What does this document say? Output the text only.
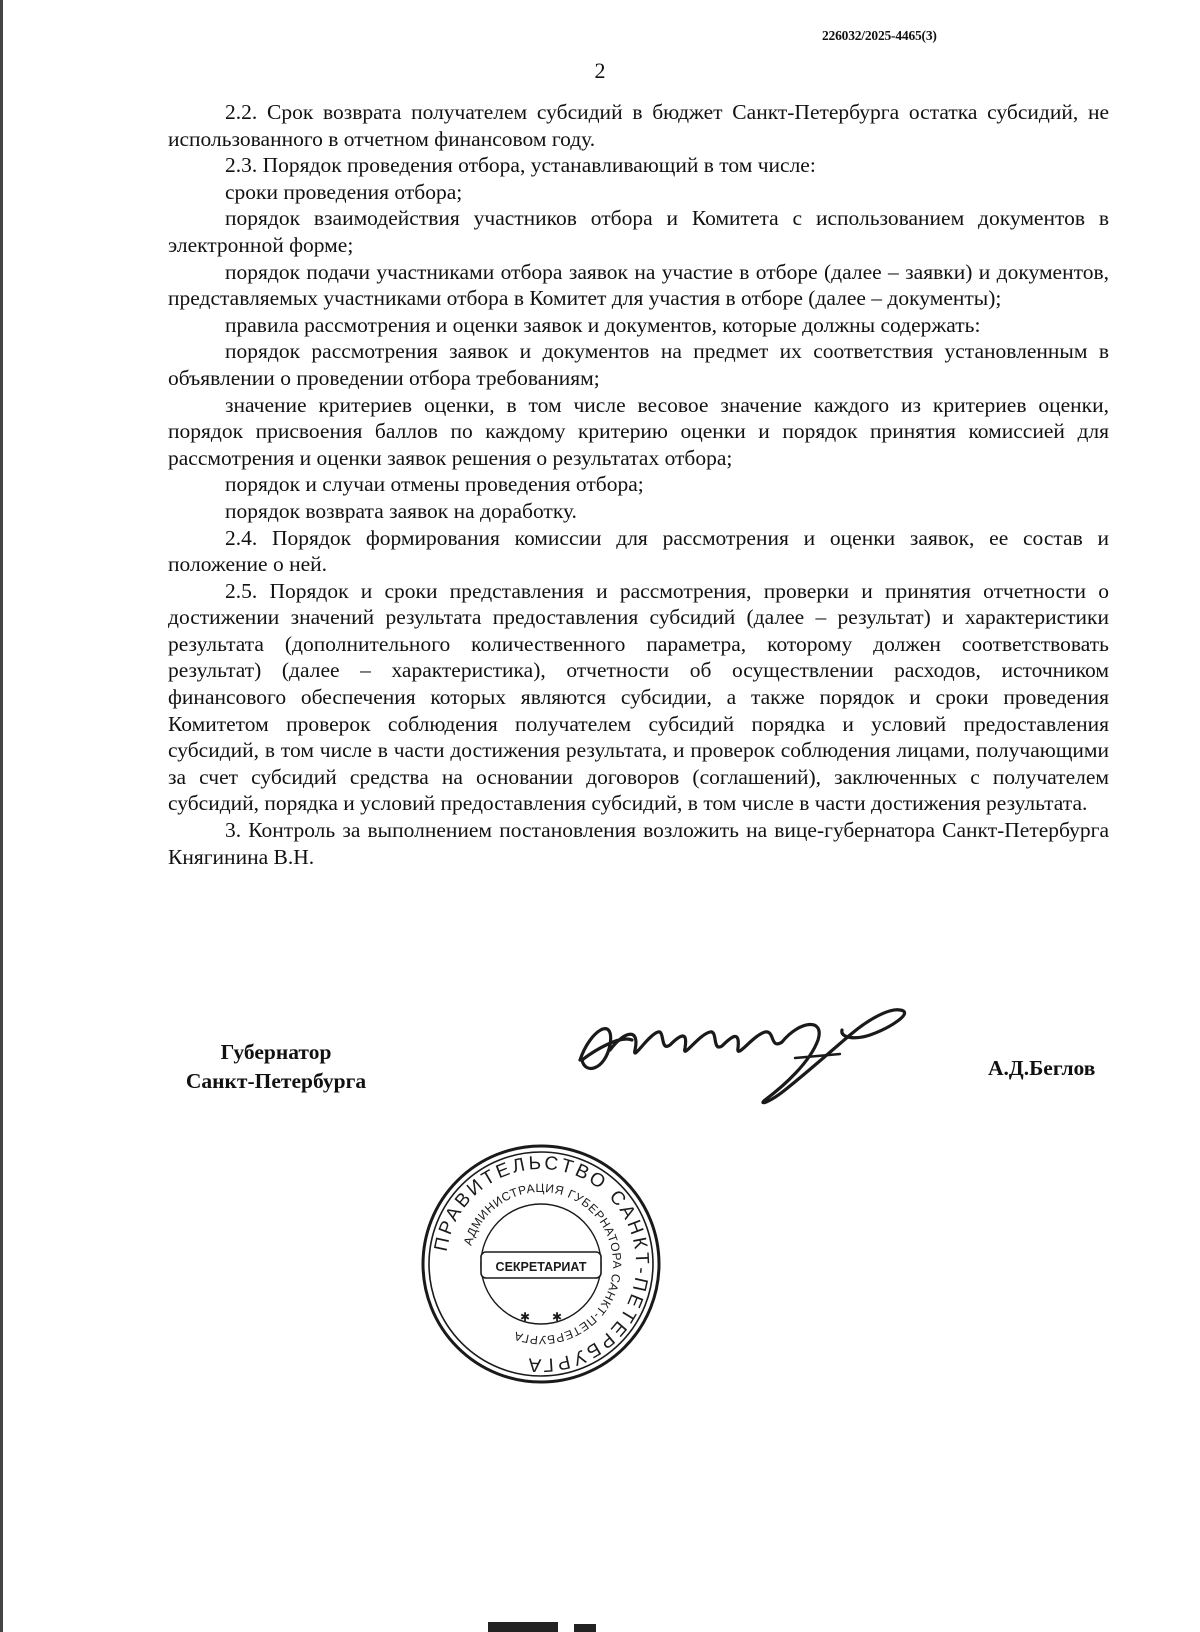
226032/2025-4465(3)
2

2.2. Срок возврата получателем субсидий в бюджет Санкт-Петербурга остатка субсидий, не использованного в отчетном финансовом году.

2.3. Порядок проведения отбора, устанавливающий в том числе:

сроки проведения отбора;

порядок взаимодействия участников отбора и Комитета с использованием документов в электронной форме;

порядок подачи участниками отбора заявок на участие в отборе (далее – заявки) и документов, представляемых участниками отбора в Комитет для участия в отборе (далее – документы);

правила рассмотрения и оценки заявок и документов, которые должны содержать:

порядок рассмотрения заявок и документов на предмет их соответствия установленным в объявлении о проведении отбора требованиям;

значение критериев оценки, в том числе весовое значение каждого из критериев оценки, порядок присвоения баллов по каждому критерию оценки и порядок принятия комиссией для рассмотрения и оценки заявок решения о результатах отбора;

порядок и случаи отмены проведения отбора;

порядок возврата заявок на доработку.

2.4. Порядок формирования комиссии для рассмотрения и оценки заявок, ее состав и положение о ней.

2.5. Порядок и сроки представления и рассмотрения, проверки и принятия отчетности о достижении значений результата предоставления субсидий (далее – результат) и характеристики результата (дополнительного количественного параметра, которому должен соответствовать результат) (далее – характеристика), отчетности об осуществлении расходов, источником финансового обеспечения которых являются субсидии, а также порядок и сроки проведения Комитетом проверок соблюдения получателем субсидий порядка и условий предоставления субсидий, в том числе в части достижения результата, и проверок соблюдения лицами, получающими за счет субсидий средства на основании договоров (соглашений), заключенных с получателем субсидий, порядка и условий предоставления субсидий, в том числе в части достижения результата.

3. Контроль за выполнением постановления возложить на вице-губернатора Санкт-Петербурга Княгинина В.Н.

Губернатор
Санкт-Петербурга
А.Д.Беглов
ПРАВИТЕЛЬСТВО САНКТ-ПЕТЕРБУРГА
АДМИНИСТРАЦИЯ ГУБЕРНАТОРА САНКТ-ПЕТЕРБУРГА
СЕКРЕТАРИАТ
✱ ✱
